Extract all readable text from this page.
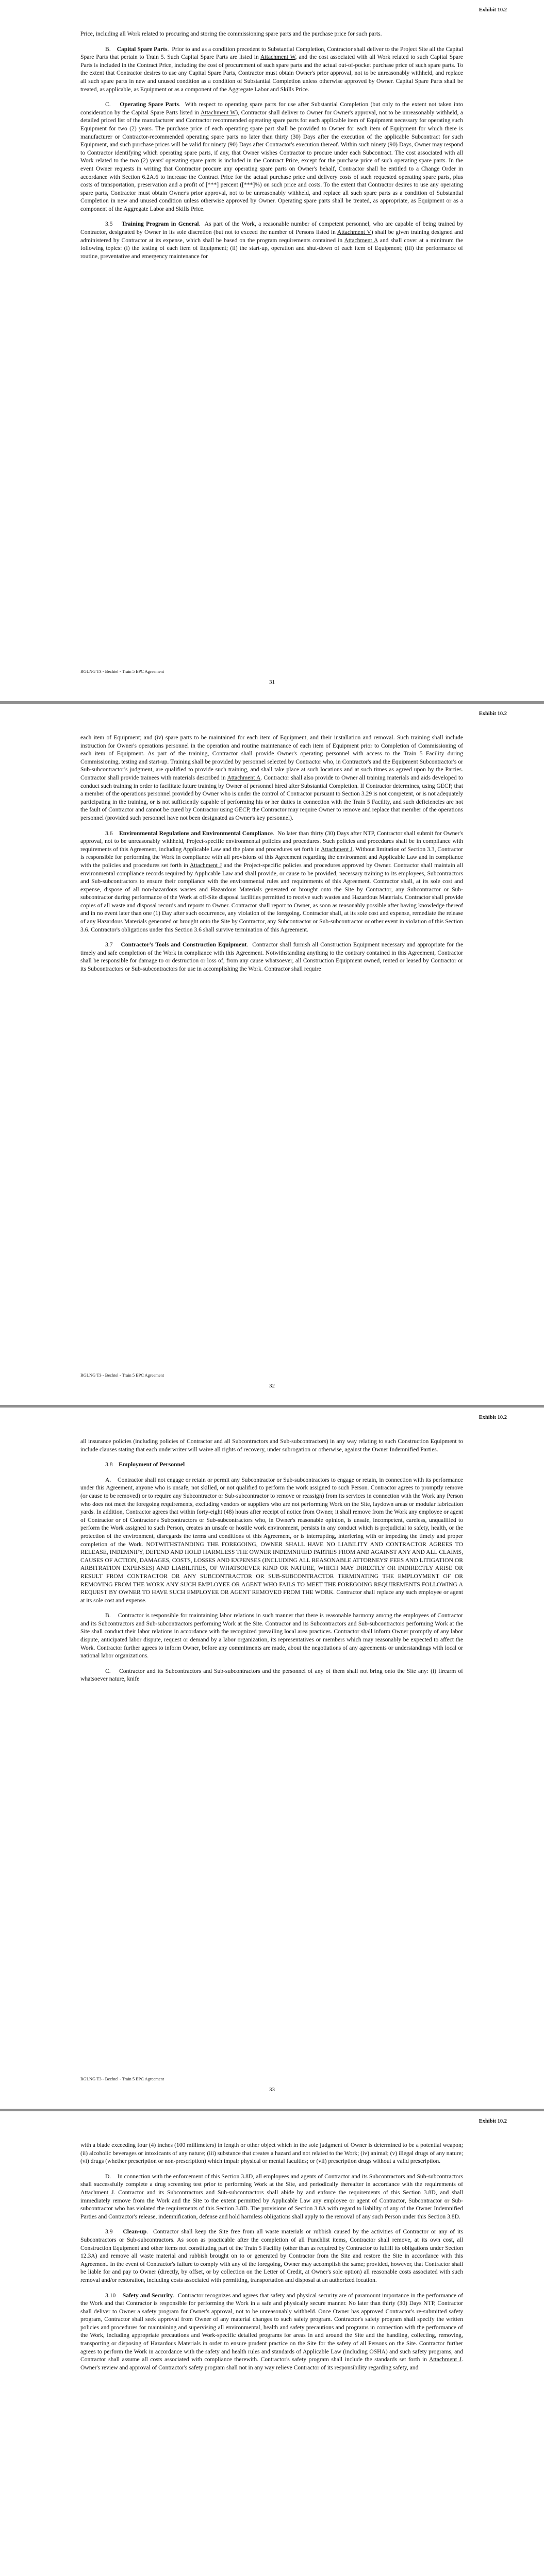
Exhibit 10.2

Price, including all Work related to procuring and storing the commissioning spare parts and the purchase price for such parts.

B. Capital Spare Parts.  Prior to and as a condition precedent to Substantial Completion, Contractor shall deliver to the Project Site all the Capital Spare Parts that pertain to Train 5. Such Capital Spare Parts are listed in Attachment W, and the cost associated with all Work related to such Capital Spare Parts is included in the Contract Price, including the cost of procurement of such spare parts and the actual out-of-pocket purchase price of such spare parts. To the extent that Contractor desires to use any Capital Spare Parts, Contractor must obtain Owner's prior approval, not to be unreasonably withheld, and replace all such spare parts in new and unused condition as a condition of Substantial Completion unless otherwise approved by Owner. Capital Spare Parts shall be treated, as applicable, as Equipment or as a component of the Aggregate Labor and Skills Price.

C. Operating Spare Parts.  With respect to operating spare parts for use after Substantial Completion (but only to the extent not taken into consideration by the Capital Spare Parts listed in Attachment W), Contractor shall deliver to Owner for Owner's approval, not to be unreasonably withheld, a detailed priced list of the manufacturer and Contractor recommended operating spare parts for each applicable item of Equipment necessary for operating such Equipment for two (2) years. The purchase price of each operating spare part shall be provided to Owner for each item of Equipment for which there is manufacturer or Contractor-recommended operating spare parts no later than thirty (30) Days after the execution of the applicable Subcontract for such Equipment, and such purchase prices will be valid for ninety (90) Days after Contractor's execution thereof. Within such ninety (90) Days, Owner may respond to Contractor identifying which operating spare parts, if any, that Owner wishes Contractor to procure under each Subcontract. The cost associated with all Work related to the two (2) years' operating spare parts is included in the Contract Price, except for the purchase price of such operating spare parts. In the event Owner requests in writing that Contractor procure any operating spare parts on Owner's behalf, Contractor shall be entitled to a Change Order in accordance with Section 6.2A.6 to increase the Contract Price for the actual purchase price and delivery costs of such requested operating spare parts, plus costs of transportation, preservation and a profit of [***] percent ([***]%) on such price and costs. To the extent that Contractor desires to use any operating spare parts, Contractor must obtain Owner's prior approval, not to be unreasonably withheld, and replace all such spare parts as a condition of Substantial Completion in new and unused condition unless otherwise approved by Owner. Operating spare parts shall be treated, as appropriate, as Equipment or as a component of the Aggregate Labor and Skills Price.

3.5 Training Program in General.  As part of the Work, a reasonable number of competent personnel, who are capable of being trained by Contractor, designated by Owner in its sole discretion (but not to exceed the number of Persons listed in Attachment V) shall be given training designed and administered by Contractor at its expense, which shall be based on the program requirements contained in Attachment A and shall cover at a minimum the following topics: (i) the testing of each item of Equipment; (ii) the start-up, operation and shut-down of each item of Equipment; (iii) the performance of routine, preventative and emergency maintenance for

RGLNG T3 - Bechtel - Train 5 EPC Agreement
31
Exhibit 10.2

each item of Equipment; and (iv) spare parts to be maintained for each item of Equipment, and their installation and removal. Such training shall include instruction for Owner's operations personnel in the operation and routine maintenance of each item of Equipment prior to Completion of Commissioning of each item of Equipment. As part of the training, Contractor shall provide Owner's operating personnel with access to the Train 5 Facility during Commissioning, testing and start-up. Training shall be provided by personnel selected by Contractor who, in Contractor's and the Equipment Subcontractor's or Sub-subcontractor's judgment, are qualified to provide such training, and shall take place at such locations and at such times as agreed upon by the Parties. Contractor shall provide trainees with materials described in Attachment A. Contractor shall also provide to Owner all training materials and aids developed to conduct such training in order to facilitate future training by Owner of personnel hired after Substantial Completion. If Contractor determines, using GECP, that a member of the operations personnel provided by Owner who is under the control of Contractor pursuant to Section 3.29 is not competent, or is not adequately participating in the training, or is not sufficiently capable of performing his or her duties in connection with the Train 5 Facility, and such deficiencies are not the fault of Contractor and cannot be cured by Contractor using GECP, the Contractor may require Owner to remove and replace that member of the operations personnel (provided such personnel have not been designated as Owner's key personnel).

3.6 Environmental Regulations and Environmental Compliance.  No later than thirty (30) Days after NTP, Contractor shall submit for Owner's approval, not to be unreasonably withheld, Project-specific environmental policies and procedures. Such policies and procedures shall be in compliance with requirements of this Agreement, including Applicable Law and the plans and procedures set forth in Attachment J. Without limitation of Section 3.3, Contractor is responsible for performing the Work in compliance with all provisions of this Agreement regarding the environment and Applicable Law and in compliance with the policies and procedures set forth in Attachment J and the Project-specific policies and procedures approved by Owner. Contractor shall maintain all environmental compliance records required by Applicable Law and shall provide, or cause to be provided, necessary training to its employees, Subcontractors and Sub-subcontractors to ensure their compliance with the environmental rules and requirements of this Agreement. Contractor shall, at its sole cost and expense, dispose of all non-hazardous wastes and Hazardous Materials generated or brought onto the Site by Contractor, any Subcontractor or Sub-subcontractor during performance of the Work at off-Site disposal facilities permitted to receive such wastes and Hazardous Materials. Contractor shall provide copies of all waste and disposal records and reports to Owner. Contractor shall report to Owner, as soon as reasonably possible after having knowledge thereof and in no event later than one (1) Day after such occurrence, any violation of the foregoing. Contractor shall, at its sole cost and expense, remediate the release of any Hazardous Materials generated or brought onto the Site by Contractor, any Subcontractor or Sub-subcontractor or other event in violation of this Section 3.6. Contractor's obligations under this Section 3.6 shall survive termination of this Agreement.

3.7 Contractor's Tools and Construction Equipment.  Contractor shall furnish all Construction Equipment necessary and appropriate for the timely and safe completion of the Work in compliance with this Agreement. Notwithstanding anything to the contrary contained in this Agreement, Contractor shall be responsible for damage to or destruction or loss of, from any cause whatsoever, all Construction Equipment owned, rented or leased by Contractor or its Subcontractors or Sub-subcontractors for use in accomplishing the Work. Contractor shall require

RGLNG T3 - Bechtel - Train 5 EPC Agreement
32
Exhibit 10.2

all insurance policies (including policies of Contractor and all Subcontractors and Sub-subcontractors) in any way relating to such Construction Equipment to include clauses stating that each underwriter will waive all rights of recovery, under subrogation or otherwise, against the Owner Indemnified Parties.

3.8 Employment of Personnel

A. Contractor shall not engage or retain or permit any Subcontractor or Sub-subcontractors to engage or retain, in connection with its performance under this Agreement, anyone who is unsafe, not skilled, or not qualified to perform the work assigned to such Person. Contractor agrees to promptly remove (or cause to be removed) or to require any Subcontractor or Sub-subcontractor to remove or reassign) from its services in connection with the Work any Person who does not meet the foregoing requirements, excluding vendors or suppliers who are not performing Work on the Site, laydown areas or modular fabrication yards. In addition, Contractor agrees that within forty-eight (48) hours after receipt of notice from Owner, it shall remove from the Work any employee or agent of Contractor or of Contractor's Subcontractors or Sub-subcontractors who, in Owner's reasonable opinion, is unsafe, incompetent, careless, unqualified to perform the Work assigned to such Person, creates an unsafe or hostile work environment, persists in any conduct which is prejudicial to safety, health, or the protection of the environment, disregards the terms and conditions of this Agreement, or is interrupting, interfering with or impeding the timely and proper completion of the Work. NOTWITHSTANDING THE FOREGOING, OWNER SHALL HAVE NO LIABILITY AND CONTRACTOR AGREES TO RELEASE, INDEMNIFY, DEFEND AND HOLD HARMLESS THE OWNER INDEMNIFIED PARTIES FROM AND AGAINST ANY AND ALL CLAIMS, CAUSES OF ACTION, DAMAGES, COSTS, LOSSES AND EXPENSES (INCLUDING ALL REASONABLE ATTORNEYS' FEES AND LITIGATION OR ARBITRATION EXPENSES) AND LIABILITIES, OF WHATSOEVER KIND OR NATURE, WHICH MAY DIRECTLY OR INDIRECTLY ARISE OR RESULT FROM CONTRACTOR OR ANY SUBCONTRACTOR OR SUB-SUBCONTRACTOR TERMINATING THE EMPLOYMENT OF OR REMOVING FROM THE WORK ANY SUCH EMPLOYEE OR AGENT WHO FAILS TO MEET THE FOREGOING REQUIREMENTS FOLLOWING A REQUEST BY OWNER TO HAVE SUCH EMPLOYEE OR AGENT REMOVED FROM THE WORK. Contractor shall replace any such employee or agent at its sole cost and expense.

B. Contractor is responsible for maintaining labor relations in such manner that there is reasonable harmony among the employees of Contractor and its Subcontractors and Sub-subcontractors performing Work at the Site. Contractor and its Subcontractors and Sub-subcontractors performing Work at the Site shall conduct their labor relations in accordance with the recognized prevailing local area practices. Contractor shall inform Owner promptly of any labor dispute, anticipated labor dispute, request or demand by a labor organization, its representatives or members which may reasonably be expected to affect the Work. Contractor further agrees to inform Owner, before any commitments are made, about the negotiations of any agreements or understandings with local or national labor organizations.

C. Contractor and its Subcontractors and Sub-subcontractors and the personnel of any of them shall not bring onto the Site any: (i) firearm of whatsoever nature, knife

RGLNG T3 - Bechtel - Train 5 EPC Agreement
33
Exhibit 10.2

with a blade exceeding four (4) inches (100 millimeters) in length or other object which in the sole judgment of Owner is determined to be a potential weapon; (ii) alcoholic beverages or intoxicants of any nature; (iii) substance that creates a hazard and not related to the Work; (iv) animal; (v) illegal drugs of any nature; (vi) drugs (whether prescription or non-prescription) which impair physical or mental faculties; or (vii) prescription drugs without a valid prescription.

D. In connection with the enforcement of this Section 3.8D, all employees and agents of Contractor and its Subcontractors and Sub-subcontractors shall successfully complete a drug screening test prior to performing Work at the Site, and periodically thereafter in accordance with the requirements of Attachment J. Contractor and its Subcontractors and Sub-subcontractors shall abide by and enforce the requirements of this Section 3.8D, and shall immediately remove from the Work and the Site to the extent permitted by Applicable Law any employee or agent of Contractor, Subcontractor or Sub-subcontractor who has violated the requirements of this Section 3.8D. The provisions of Section 3.8A with regard to liability of any of the Owner Indemnified Parties and Contractor's release, indemnification, defense and hold harmless obligations shall apply to the removal of any such Person under this Section 3.8D.

3.9 Clean-up.  Contractor shall keep the Site free from all waste materials or rubbish caused by the activities of Contractor or any of its Subcontractors or Sub-subcontractors. As soon as practicable after the completion of all Punchlist items, Contractor shall remove, at its own cost, all Construction Equipment and other items not constituting part of the Train 5 Facility (other than as required by Contractor to fulfill its obligations under Section 12.3A) and remove all waste material and rubbish brought on to or generated by Contractor from the Site and restore the Site in accordance with this Agreement. In the event of Contractor's failure to comply with any of the foregoing, Owner may accomplish the same; provided, however, that Contractor shall be liable for and pay to Owner (directly, by offset, or by collection on the Letter of Credit, at Owner's sole option) all reasonable costs associated with such removal and/or restoration, including costs associated with permitting, transportation and disposal at an authorized location.

3.10 Safety and Security.  Contractor recognizes and agrees that safety and physical security are of paramount importance in the performance of the Work and that Contractor is responsible for performing the Work in a safe and physically secure manner. No later than thirty (30) Days NTP, Contractor shall deliver to Owner a safety program for Owner's approval, not to be unreasonably withheld. Once Owner has approved Contractor's re-submitted safety program, Contractor shall seek approval from Owner of any material changes to such safety program. Contractor's safety program shall specify the written policies and procedures for maintaining and supervising all environmental, health and safety precautions and programs in connection with the performance of the Work, including appropriate precautions and Work-specific detailed programs for areas in and around the Site and the handling, collecting, removing, transporting or disposing of Hazardous Materials in order to ensure prudent practice on the Site for the safety of all Persons on the Site. Contractor further agrees to perform the Work in accordance with the safety and health rules and standards of Applicable Law (including OSHA) and such safety programs, and Contractor shall assume all costs associated with compliance therewith. Contractor's safety program shall include the standards set forth in Attachment J. Owner's review and approval of Contractor's safety program shall not in any way relieve Contractor of its responsibility regarding safety, and
